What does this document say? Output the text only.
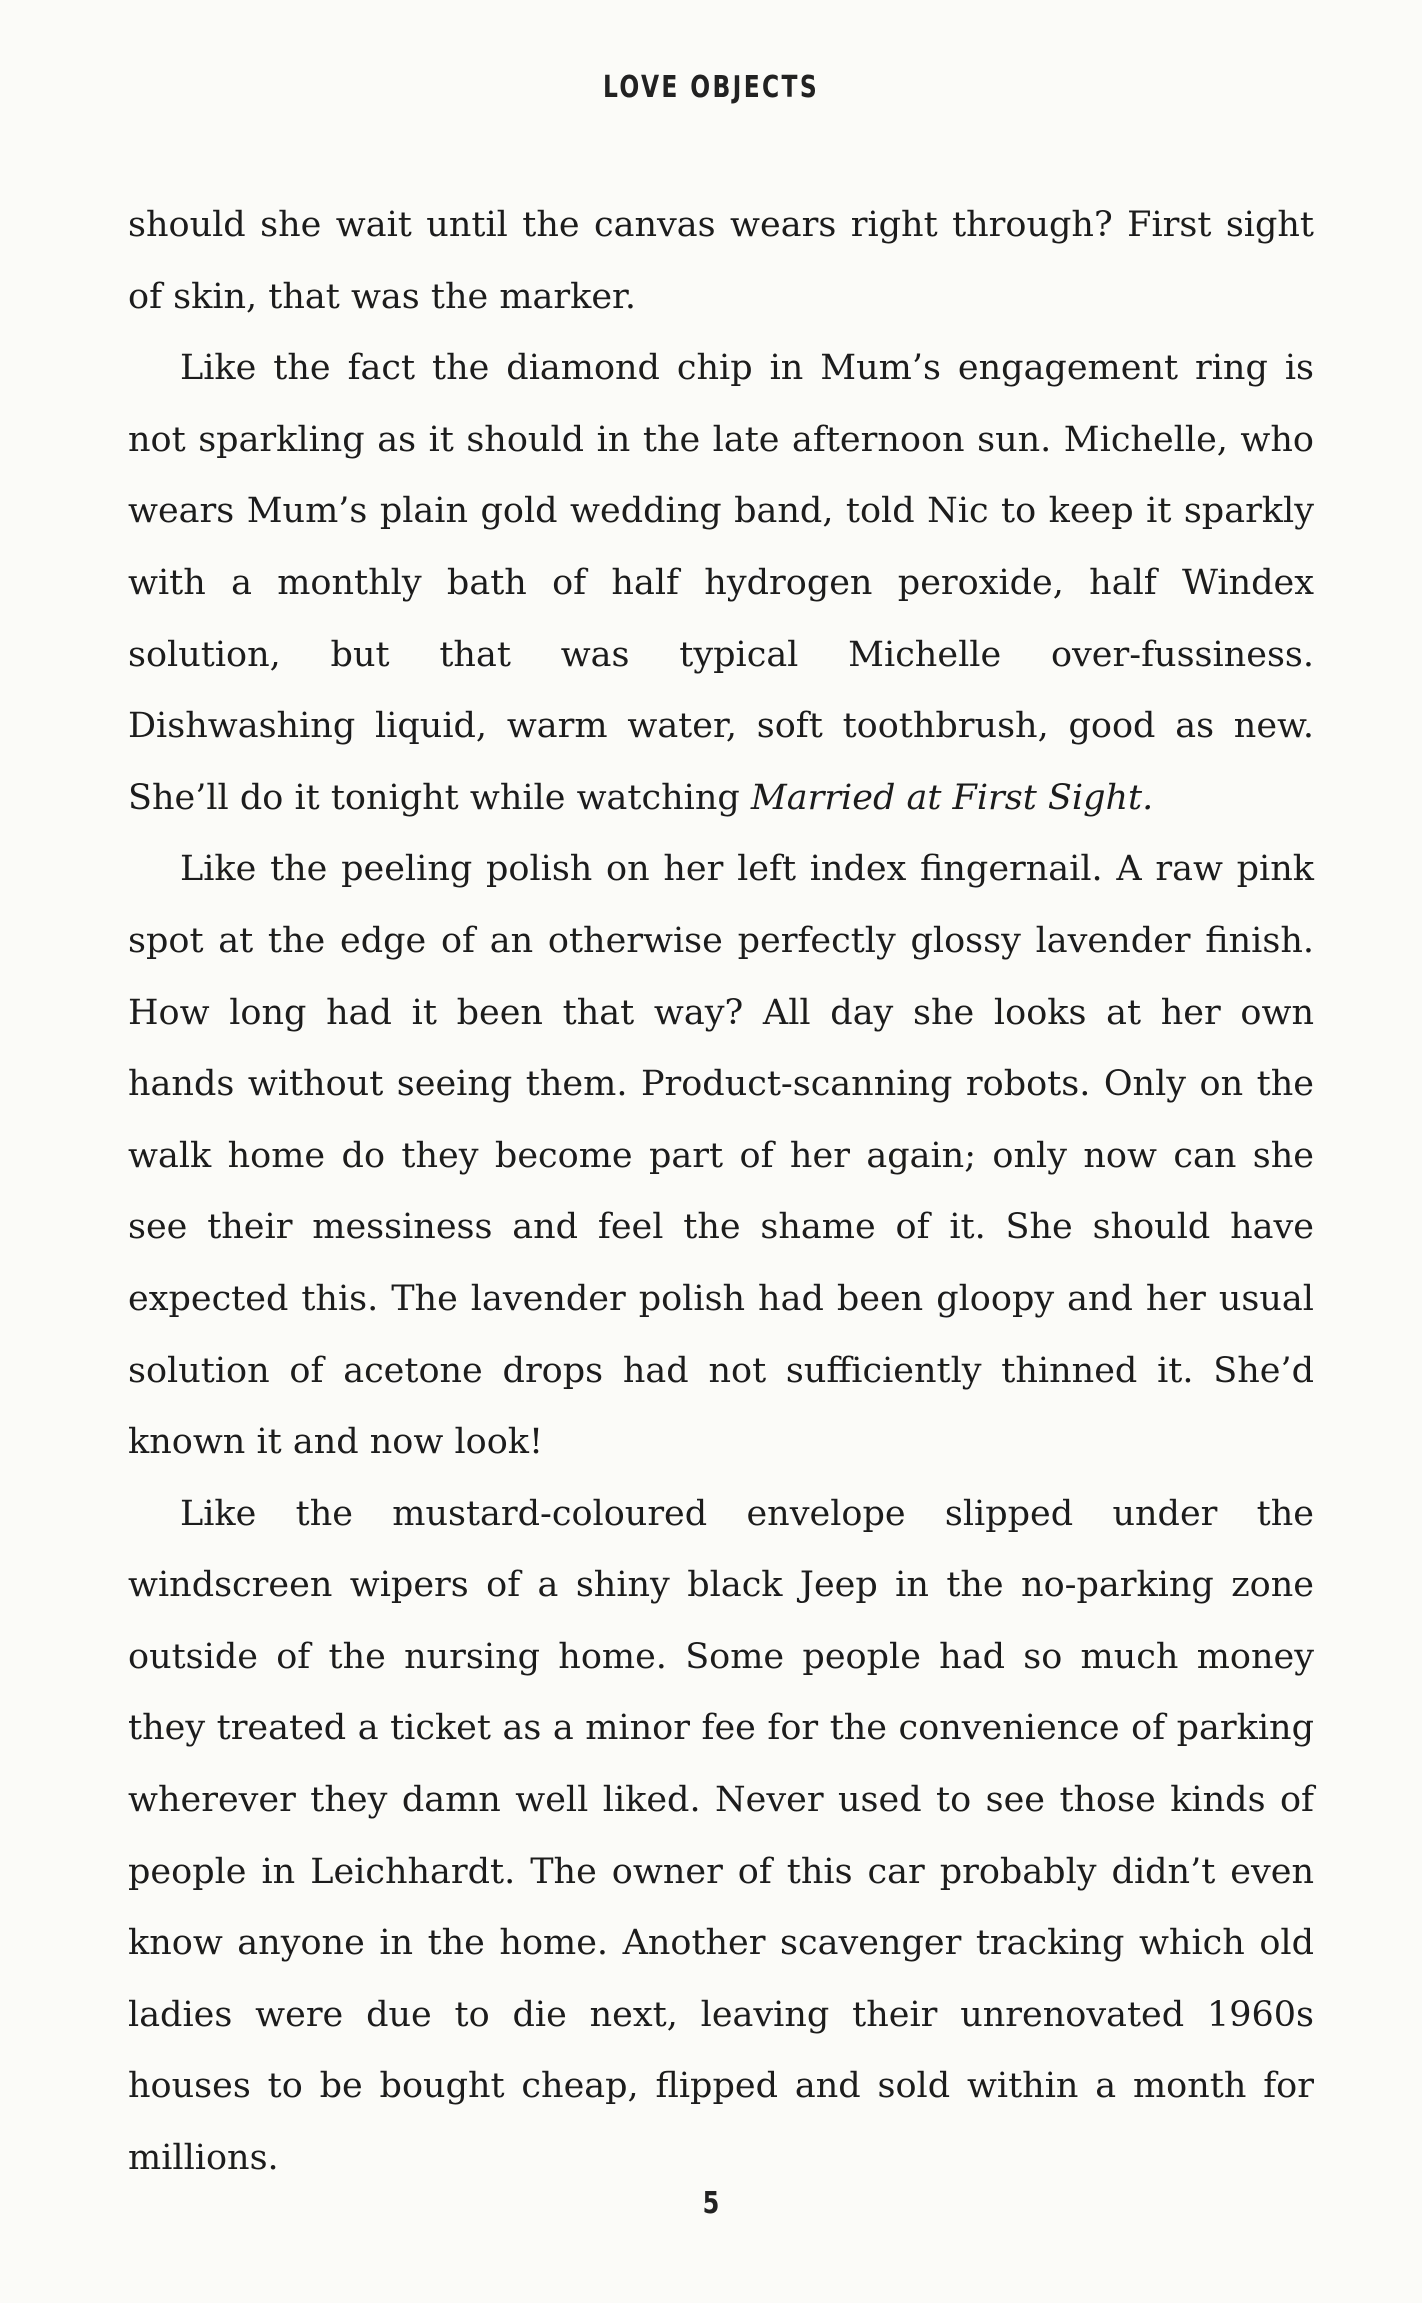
LOVE OBJECTS

should she wait until the canvas wears right through? First sight of skin, that was the marker.

Like the fact the diamond chip in Mum’s engagement ring is not sparkling as it should in the late afternoon sun. Michelle, who wears Mum’s plain gold wedding band, told Nic to keep it sparkly with a monthly bath of half hydrogen peroxide, half Windex solution, but that was typical Michelle over-fussiness. Dishwashing liquid, warm water, soft toothbrush, good as new. She’ll do it tonight while watching Married at First Sight.

Like the peeling polish on her left index fingernail. A raw pink spot at the edge of an otherwise perfectly glossy lavender finish. How long had it been that way? All day she looks at her own hands without seeing them. Product-scanning robots. Only on the walk home do they become part of her again; only now can she see their messiness and feel the shame of it. She should have expected this. The lavender polish had been gloopy and her usual solution of acetone drops had not sufficiently thinned it. She’d known it and now look!

Like the mustard-coloured envelope slipped under the windscreen wipers of a shiny black Jeep in the no-parking zone outside of the nursing home. Some people had so much money they treated a ticket as a minor fee for the convenience of parking wherever they damn well liked. Never used to see those kinds of people in Leichhardt. The owner of this car probably didn’t even know anyone in the home. Another scavenger tracking which old ladies were due to die next, leaving their unrenovated 1960s houses to be bought cheap, flipped and sold within a month for millions.

5
